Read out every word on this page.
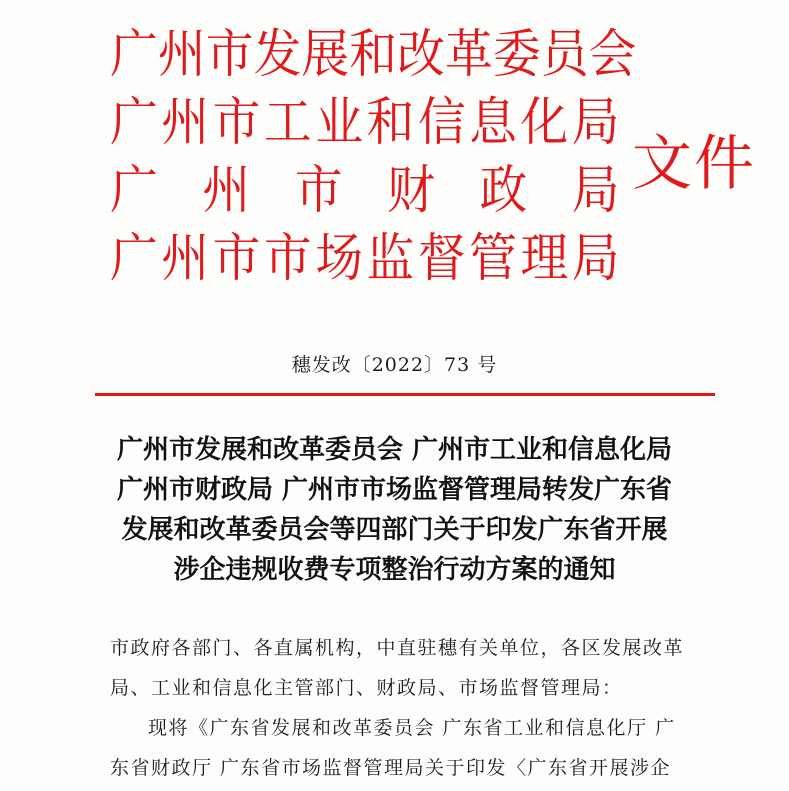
广 州 市 发 展 和 改 革 委 员 会
广 州 市 工 业 和 信 息 化 局
广 州 市 财 政 局
广 州 市 市 场 监 督 管 理 局
文件
穗发改〔2022〕73 号
广州市发展和改革委员会 广州市工业和信息化局
广州市财政局 广州市市场监督管理局转发广东省
发展和改革委员会等四部门关于印发广东省开展
涉企违规收费专项整治行动方案的通知
市政府各部门、各直属机构，中直驻穗有关单位，各区发展改革
局、工业和信息化主管部门、财政局、市场监督管理局：
现将《广东省发展和改革委员会 广东省工业和信息化厅 广
东省财政厅 广东省市场监督管理局关于印发〈广东省开展涉企
